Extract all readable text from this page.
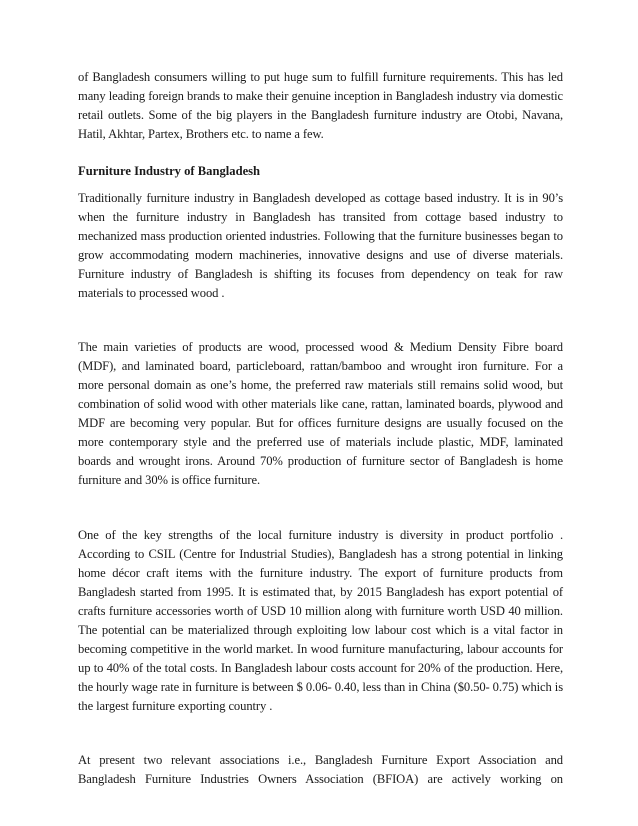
of Bangladesh consumers willing to put huge sum to fulfill furniture requirements. This has led many leading foreign brands to make their genuine inception in Bangladesh industry via domestic retail outlets. Some of the big players in the Bangladesh furniture industry are Otobi, Navana, Hatil, Akhtar, Partex, Brothers etc. to name a few.

Furniture Industry of Bangladesh

Traditionally furniture industry in Bangladesh developed as cottage based industry. It is in 90’s when the furniture industry in Bangladesh has transited from cottage based industry to mechanized mass production oriented industries. Following that the furniture businesses began to grow accommodating modern machineries, innovative designs and use of diverse materials. Furniture industry of Bangladesh is shifting its focuses from dependency on teak for raw materials to processed wood .

The main varieties of products are wood, processed wood & Medium Density Fibre board (MDF), and laminated board, particleboard, rattan/bamboo and wrought iron furniture. For a more personal domain as one’s home, the preferred raw materials still remains solid wood, but combination of solid wood with other materials like cane, rattan, laminated boards, plywood and MDF are becoming very popular. But for offices furniture designs are usually focused on the more contemporary style and the preferred use of materials include plastic, MDF, laminated boards and wrought irons. Around 70% production of furniture sector of Bangladesh is home furniture and 30% is office furniture.

One of the key strengths of the local furniture industry is diversity in product portfolio . According to CSIL (Centre for Industrial Studies), Bangladesh has a strong potential in linking home décor craft items with the furniture industry. The export of furniture products from Bangladesh started from 1995. It is estimated that, by 2015 Bangladesh has export potential of crafts furniture accessories worth of USD 10 million along with furniture worth USD 40 million. The potential can be materialized through exploiting low labour cost which is a vital factor in becoming competitive in the world market. In wood furniture manufacturing, labour accounts for up to 40% of the total costs. In Bangladesh labour costs account for 20% of the production. Here, the hourly wage rate in furniture is between $ 0.06- 0.40, less than in China ($0.50- 0.75) which is the largest furniture exporting country .

At present two relevant associations i.e., Bangladesh Furniture Export Association and Bangladesh Furniture Industries Owners Association (BFIOA) are actively working on
